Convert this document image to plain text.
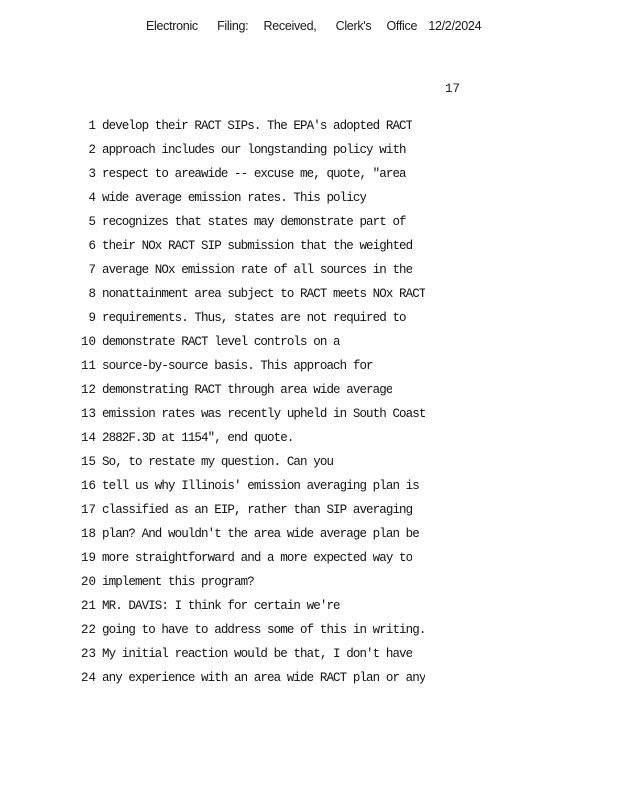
Electronic Filing: Received, Clerk's Office 12/2/2024
17
1 develop their RACT SIPs. The EPA's adopted RACT
2 approach includes our longstanding policy with
3 respect to areawide -- excuse me, quote, "area
4 wide average emission rates. This policy
5 recognizes that states may demonstrate part of
6 their NOx RACT SIP submission that the weighted
7 average NOx emission rate of all sources in the
8 nonattainment area subject to RACT meets NOx RACT
9 requirements. Thus, states are not required to
10 demonstrate RACT level controls on a
11 source-by-source basis. This approach for
12 demonstrating RACT through area wide average
13 emission rates was recently upheld in South Coast
14 2882F.3D at 1154", end quote.
15 So, to restate my question. Can you
16 tell us why Illinois' emission averaging plan is
17 classified as an EIP, rather than SIP averaging
18 plan? And wouldn't the area wide average plan be
19 more straightforward and a more expected way to
20 implement this program?
21 MR. DAVIS: I think for certain we're
22 going to have to address some of this in writing.
23 My initial reaction would be that, I don't have
24 any experience with an area wide RACT plan or any
